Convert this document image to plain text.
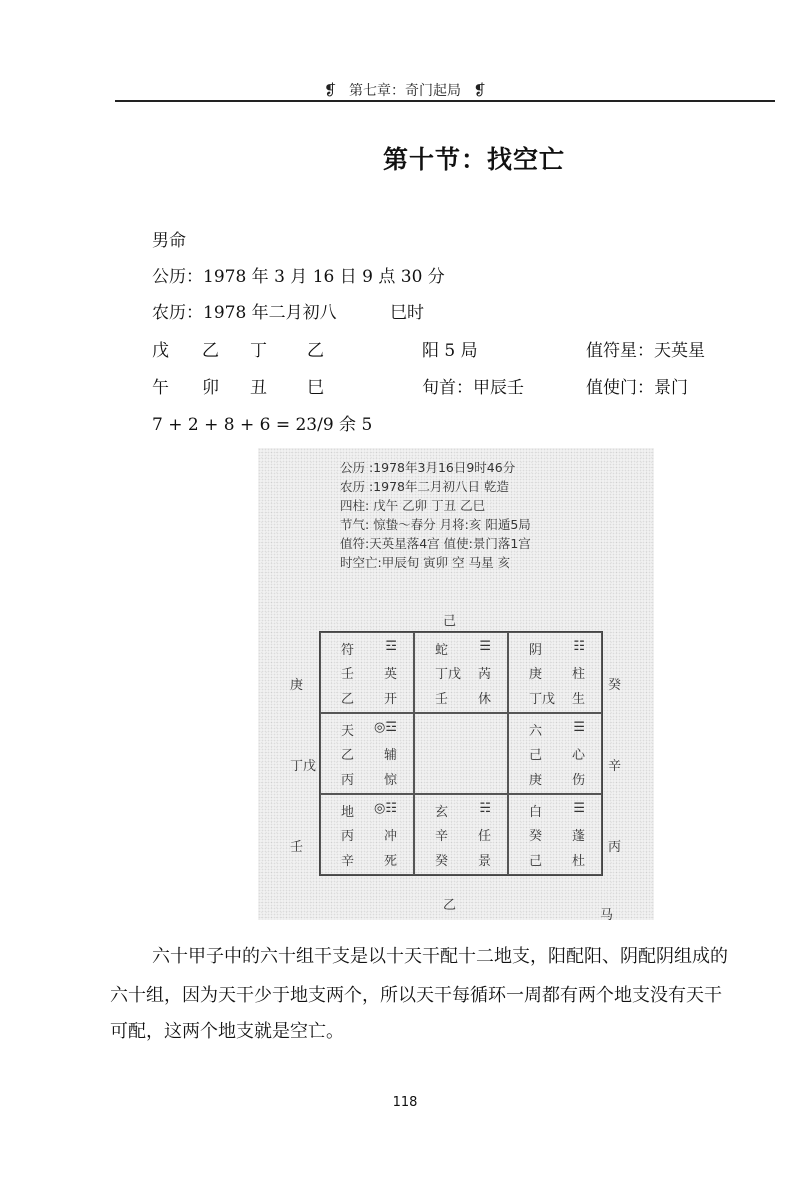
❡ 第七章：奇门起局 ❡
第十节：找空亡
男命
公历：1978 年 3 月 16 日 9 点 30 分
农历：1978 年二月初八	巳时
戊 乙 丁 乙	阳 5 局	值符星：天英星
午 卯 丑 巳	旬首：甲辰壬	值使门：景门
7 + 2 + 8 + 6 = 23/9 余 5
公历 :1978年3月16日9时46分
农历 :1978年二月初八日 乾造
四柱: 戊午 乙卯 丁丑 乙巳
节气: 惊蛰～春分 月将:亥 阳遁5局
值符:天英星落4宫 值使:景门落1宫
时空亡:甲辰旬 寅卯 空 马星 亥
己
庚
丁戊
壬
癸
辛
丙
乙
马
符 ☲
壬 英
乙 开
蛇 ☰
丁戊 芮
壬 休
阴 ☷
庚 柱
丁戊 生
天 ◎☲
乙 辅
丙 惊
六 ☰
己 心
庚 伤
地 ◎☷
丙 冲
辛 死
玄 ☵
辛 任
癸 景
白 ☰
癸 蓬
己 杜
六十甲子中的六十组干支是以十天干配十二地支，阳配阳、阴配阴组成的
六十组，因为天干少于地支两个，所以天干每循环一周都有两个地支没有天干
可配，这两个地支就是空亡。
118
